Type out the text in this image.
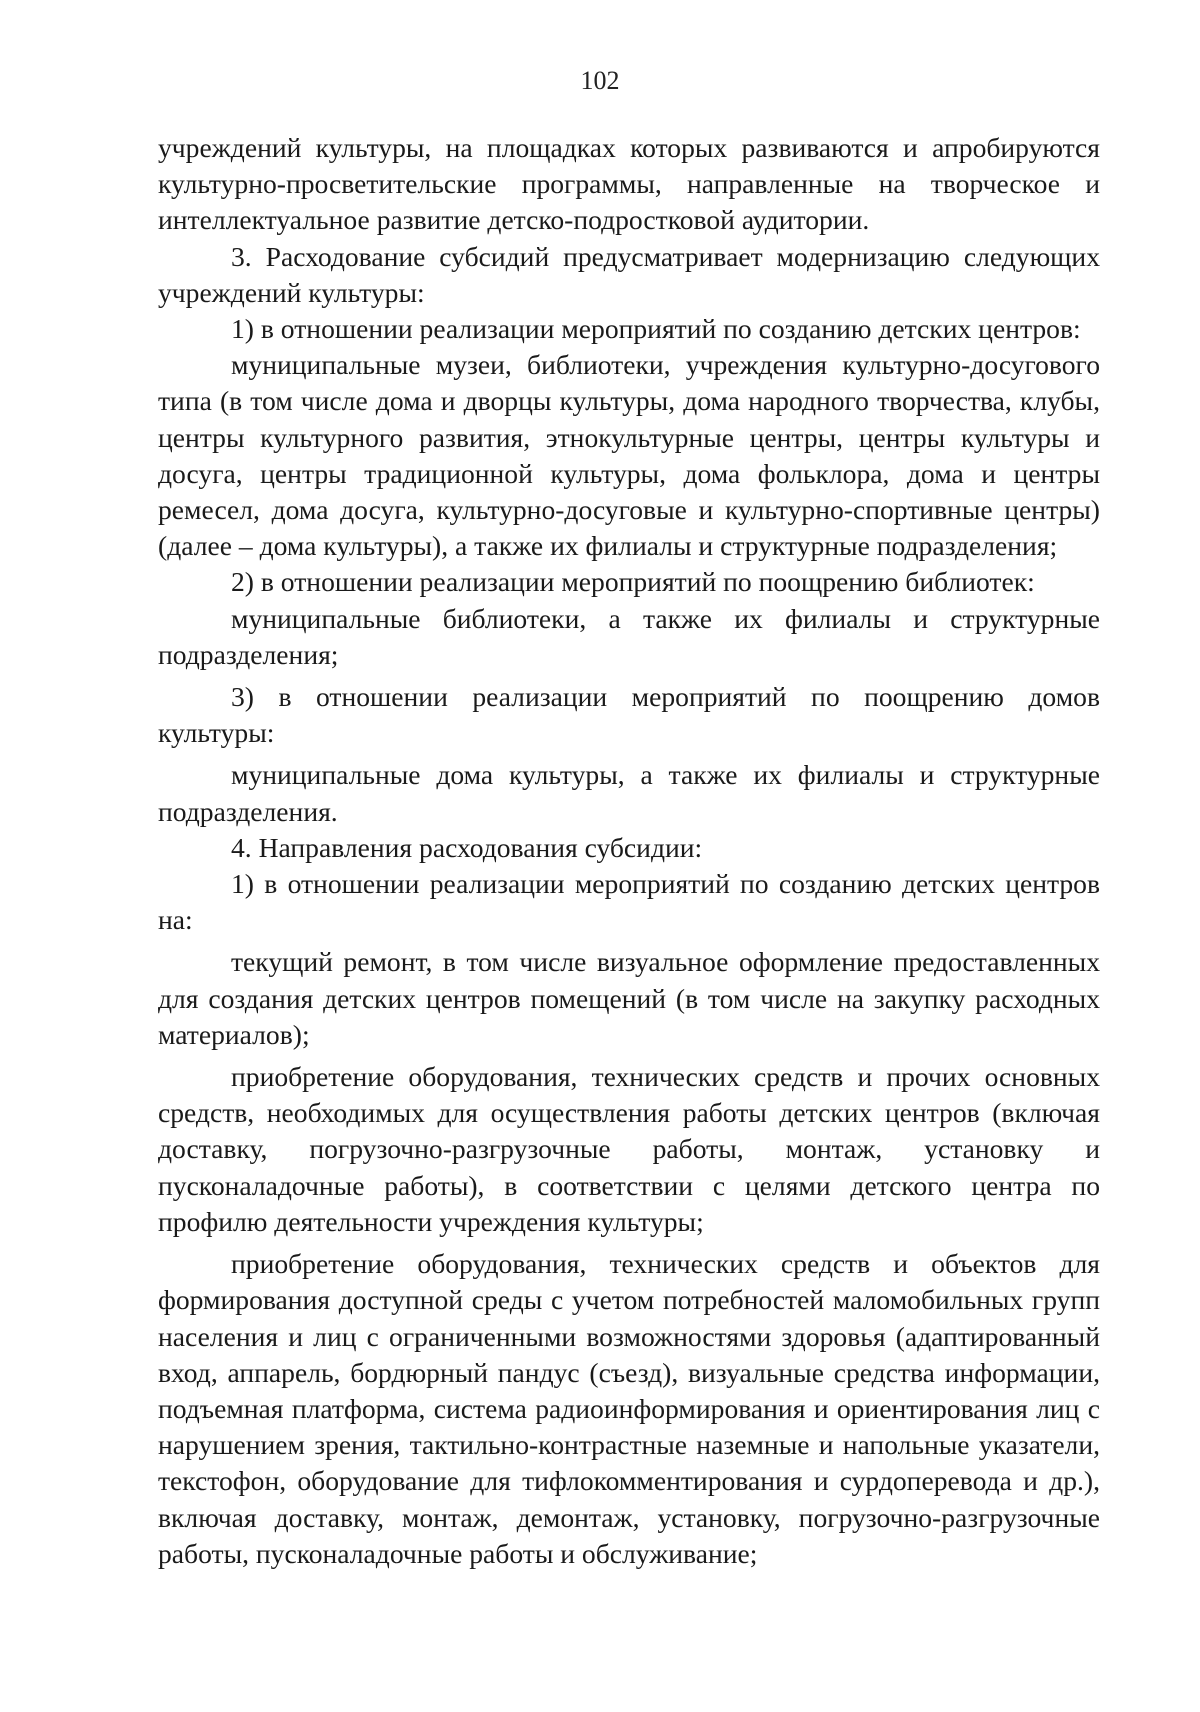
102

учреждений культуры, на площадках которых развиваются и апробируются культурно-просветительские программы, направленные на творческое и интеллектуальное развитие детско-подростковой аудитории.

3. Расходование субсидий предусматривает модернизацию следующих учреждений культуры:

1) в отношении реализации мероприятий по созданию детских центров:

муниципальные музеи, библиотеки, учреждения культурно-досугового типа (в том числе дома и дворцы культуры, дома народного творчества, клубы, центры культурного развития, этнокультурные центры, центры культуры и досуга, центры традиционной культуры, дома фольклора, дома и центры ремесел, дома досуга, культурно-досуговые и культурно-спортивные центры) (далее – дома культуры), а также их филиалы и структурные подразделения;

2) в отношении реализации мероприятий по поощрению библиотек:

муниципальные библиотеки, а также их филиалы и структурные подразделения;

3) в отношении реализации мероприятий по поощрению домов культуры:

муниципальные дома культуры, а также их филиалы и структурные подразделения.

4. Направления расходования субсидии:

1) в отношении реализации мероприятий по созданию детских центров на:

текущий ремонт, в том числе визуальное оформление предоставленных для создания детских центров помещений (в том числе на закупку расходных материалов);

приобретение оборудования, технических средств и прочих основных средств, необходимых для осуществления работы детских центров (включая доставку, погрузочно-разгрузочные работы, монтаж, установку и пусконаладочные работы), в соответствии с целями детского центра по профилю деятельности учреждения культуры;

приобретение оборудования, технических средств и объектов для формирования доступной среды с учетом потребностей маломобильных групп населения и лиц с ограниченными возможностями здоровья (адаптированный вход, аппарель, бордюрный пандус (съезд), визуальные средства информации, подъемная платформа, система радиоинформирования и ориентирования лиц с нарушением зрения, тактильно-контрастные наземные и напольные указатели, текстофон, оборудование для тифлокомментирования и сурдоперевода и др.), включая доставку, монтаж, демонтаж, установку, погрузочно-разгрузочные работы, пусконаладочные работы и обслуживание;
